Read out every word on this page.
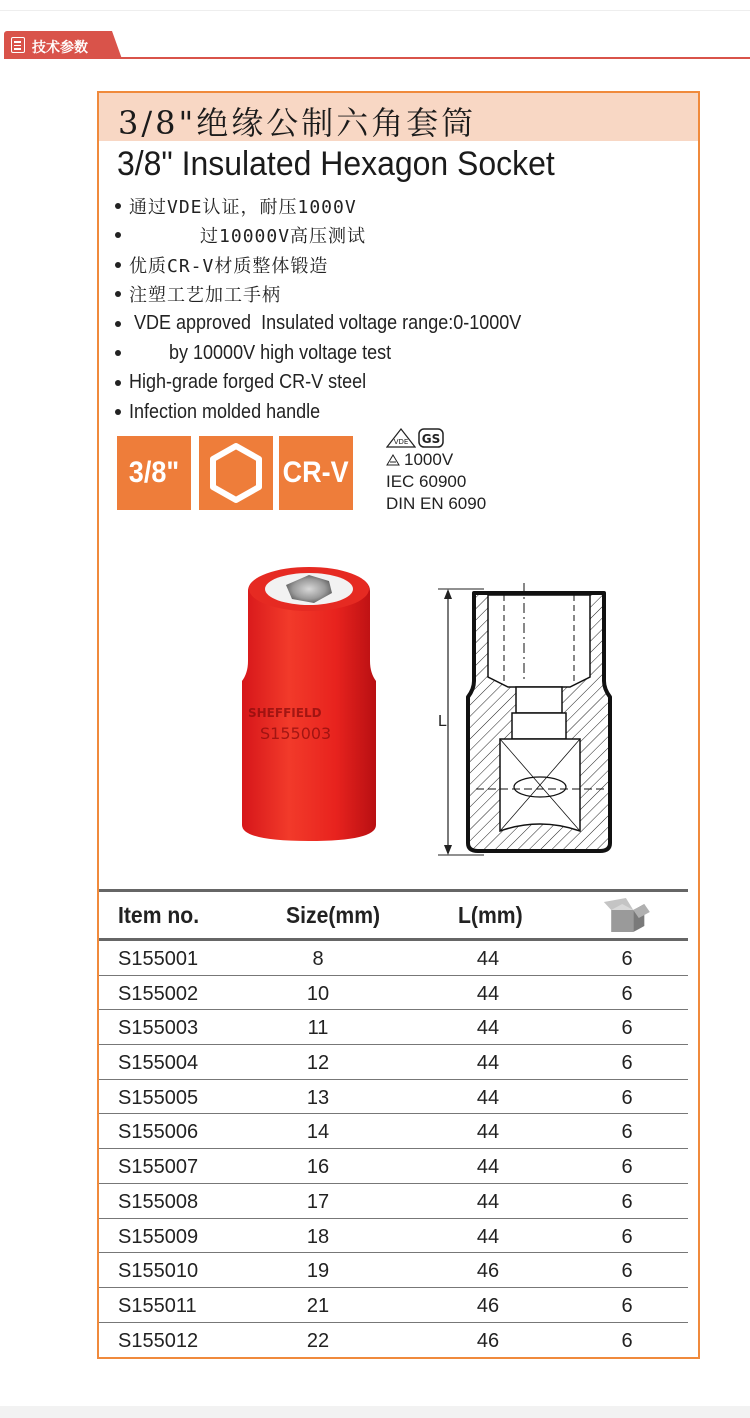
技术参数
3/8"绝缘公制六角套筒
3/8" Insulated Hexagon Socket
通过VDE认证，耐压1000V
过10000V高压测试
优质CR-V材质整体锻造
注塑工艺加工手柄
VDE approved  Insulated voltage range:0-1000V
by 10000V high voltage test
High-grade forged CR-V steel
Infection molded handle
3/8"	CR-V
VDE GS
1000V
IEC 60900
DIN EN 6090
SHEFFIELD
S155003
L
Item no.	Size(mm)	L(mm)
S155001	8	44	6
S155002	10	44	6
S155003	11	44	6
S155004	12	44	6
S155005	13	44	6
S155006	14	44	6
S155007	16	44	6
S155008	17	44	6
S155009	18	44	6
S155010	19	46	6
S155011	21	46	6
S155012	22	46	6
